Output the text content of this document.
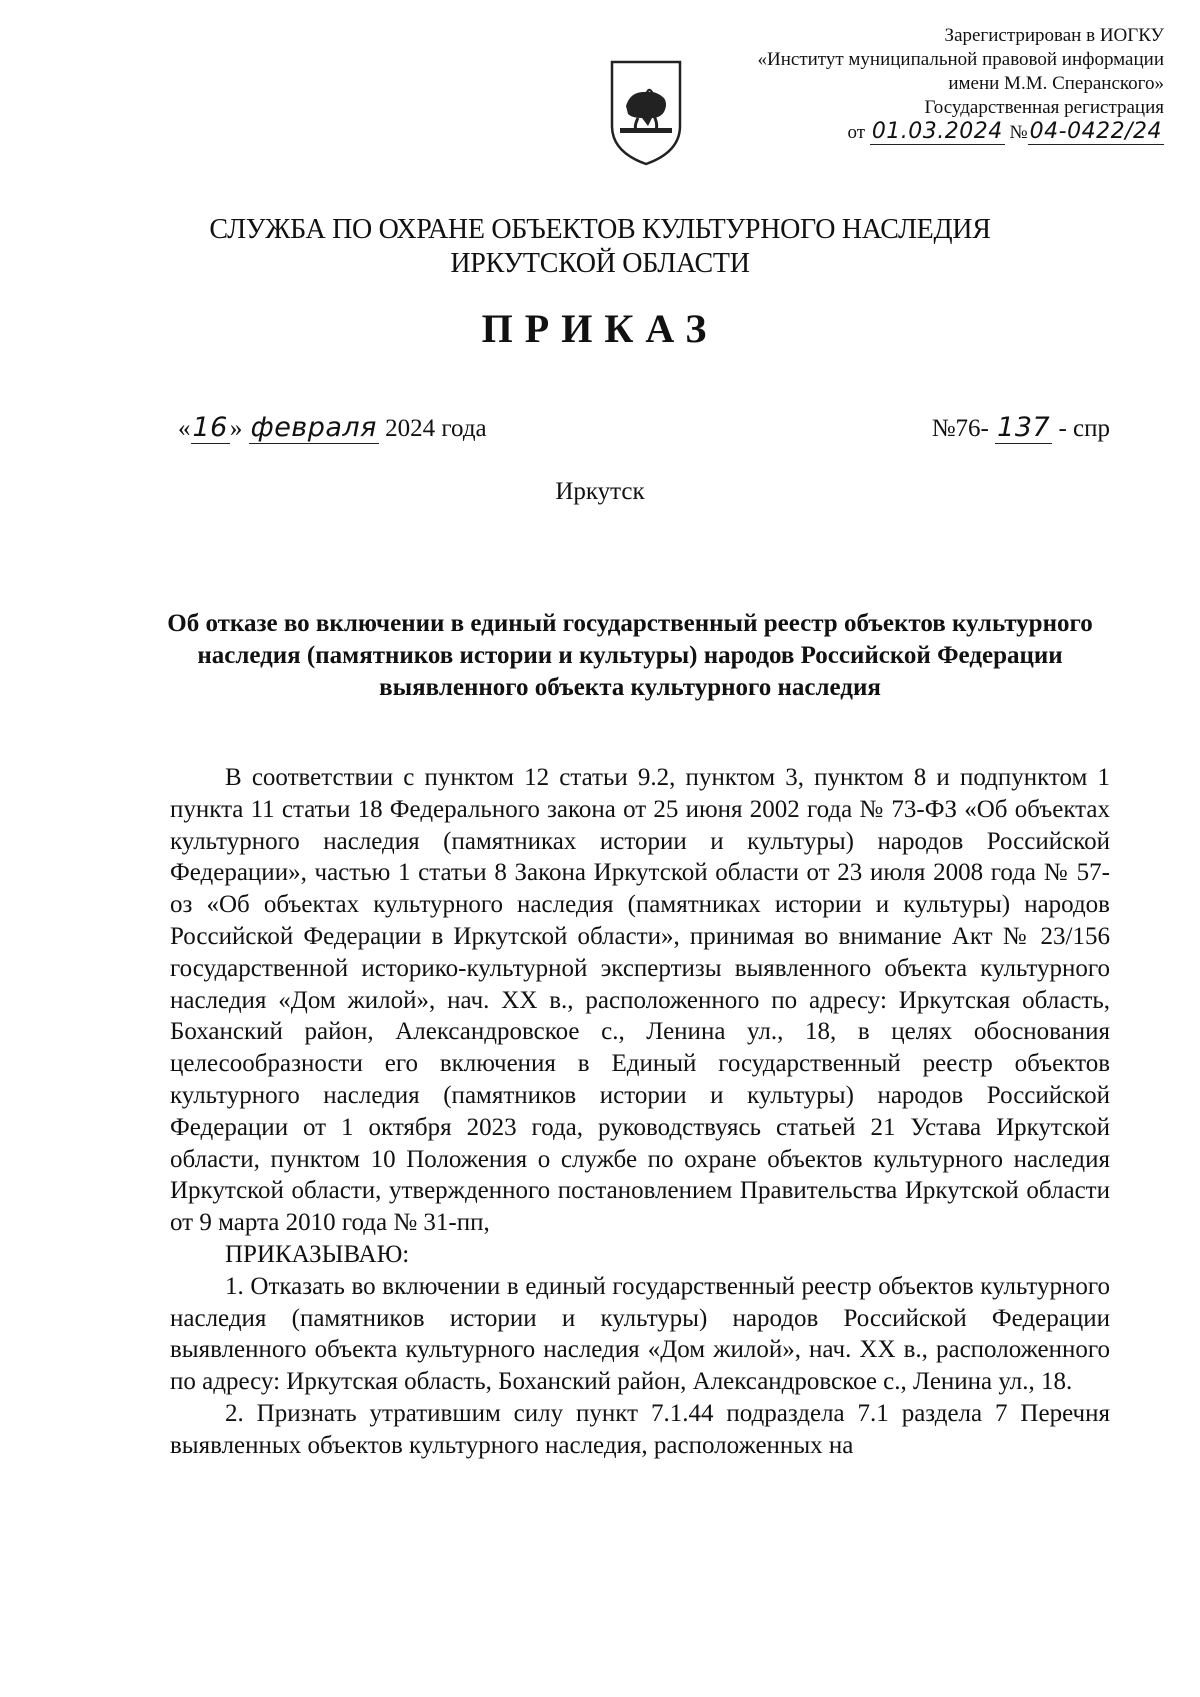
Зарегистрирован в ИОГКУ
«Институт муниципальной правовой информации
имени М.М. Сперанского»
Государственная регистрация
от 01.03.2024 №04-0422/24
СЛУЖБА ПО ОХРАНЕ ОБЪЕКТОВ КУЛЬТУРНОГО НАСЛЕДИЯ
ИРКУТСКОЙ ОБЛАСТИ
ПРИКАЗ
«16» февраля 2024 года	№76- 137 - спр
Иркутск
Об отказе во включении в единый государственный реестр объектов культурного наследия (памятников истории и культуры) народов Российской Федерации выявленного объекта культурного наследия

В соответствии с пунктом 12 статьи 9.2, пунктом 3, пунктом 8 и подпунктом 1 пункта 11 статьи 18 Федерального закона от 25 июня 2002 года № 73-ФЗ «Об объектах культурного наследия (памятниках истории и культуры) народов Российской Федерации», частью 1 статьи 8 Закона Иркутской области от 23 июля 2008 года № 57-оз «Об объектах культурного наследия (памятниках истории и культуры) народов Российской Федерации в Иркутской области», принимая во внимание Акт № 23/156 государственной историко-культурной экспертизы выявленного объекта культурного наследия «Дом жилой», нач. XX в., расположенного по адресу: Иркутская область, Боханский район, Александровское с., Ленина ул., 18, в целях обоснования целесообразности его включения в Единый государственный реестр объектов культурного наследия (памятников истории и культуры) народов Российской Федерации от 1 октября 2023 года, руководствуясь статьей 21 Устава Иркутской области, пунктом 10 Положения о службе по охране объектов культурного наследия Иркутской области, утвержденного постановлением Правительства Иркутской области от 9 марта 2010 года № 31-пп,

ПРИКАЗЫВАЮ:

1. Отказать во включении в единый государственный реестр объектов культурного наследия (памятников истории и культуры) народов Российской Федерации выявленного объекта культурного наследия «Дом жилой», нач. XX в., расположенного по адресу: Иркутская область, Боханский район, Александровское с., Ленина ул., 18.

2. Признать утратившим силу пункт 7.1.44 подраздела 7.1 раздела 7 Перечня выявленных объектов культурного наследия, расположенных на
